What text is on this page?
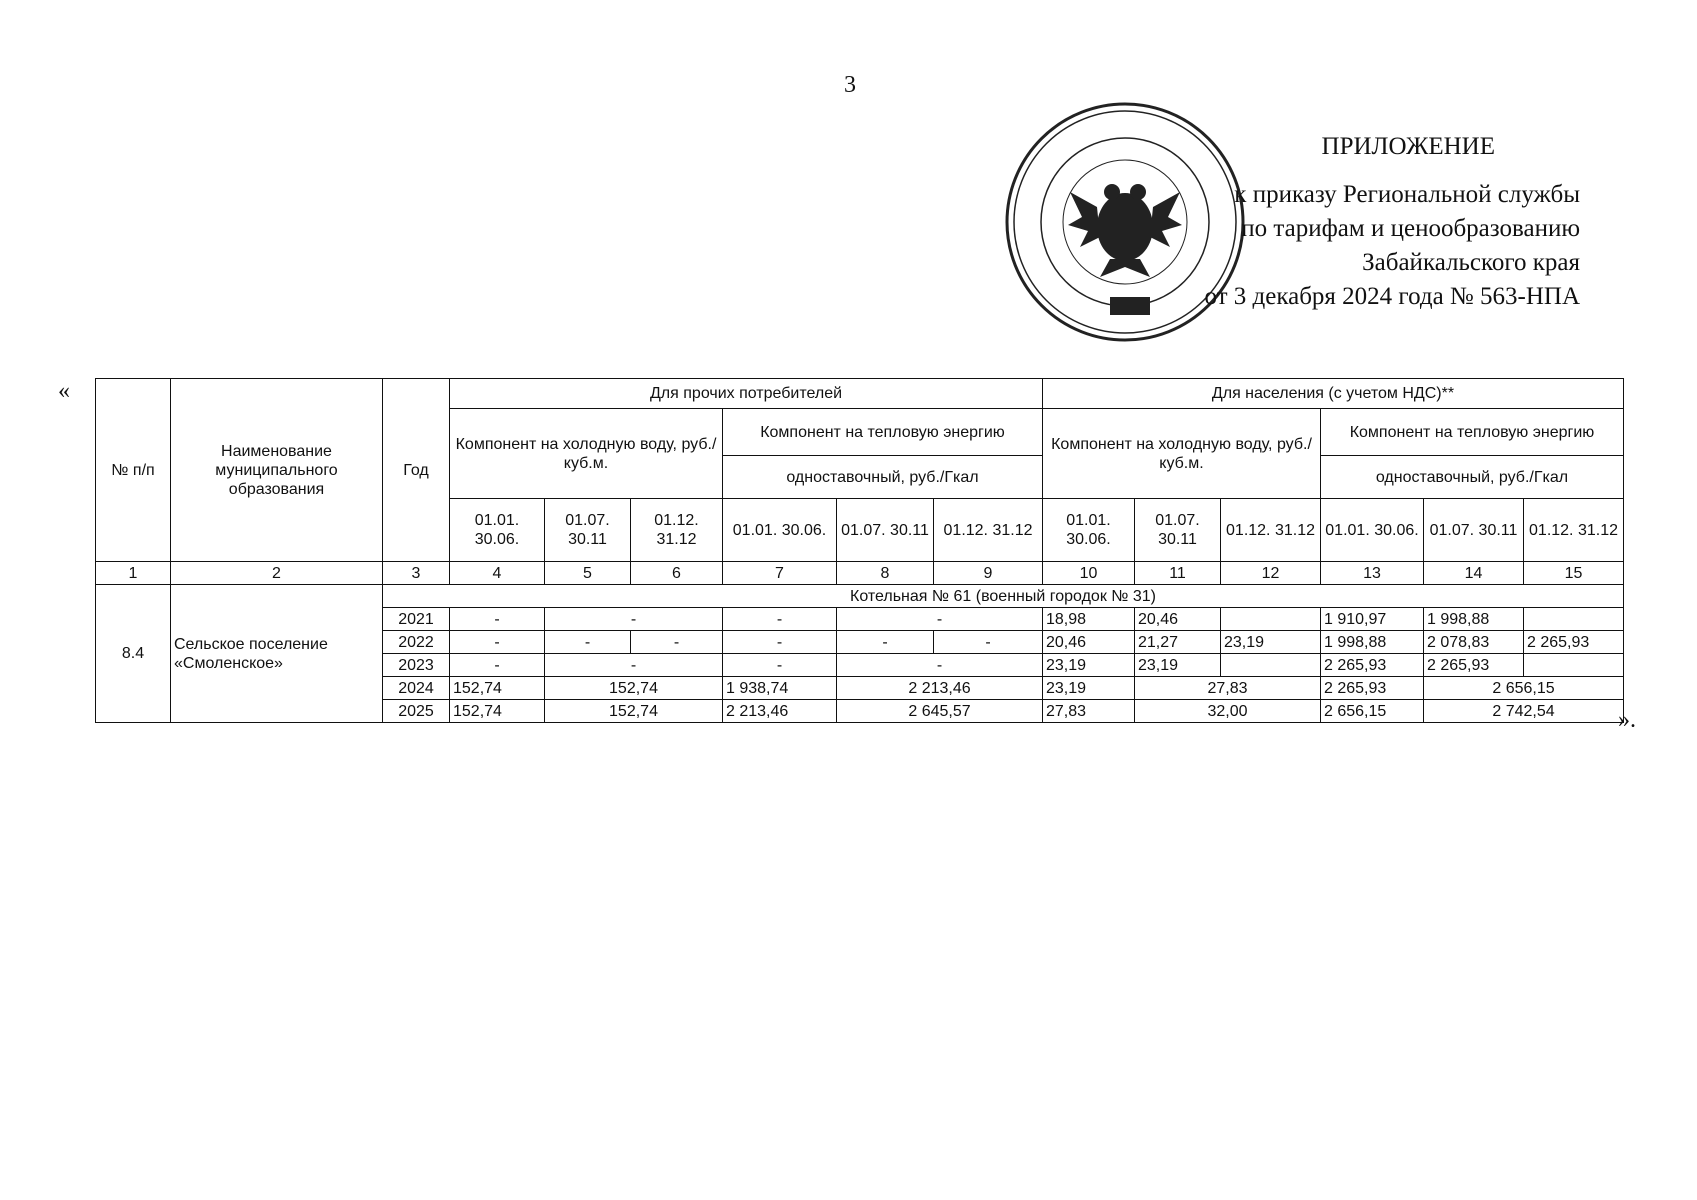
3
ПРИЛОЖЕНИЕ
к приказу Региональной службы
по тарифам и ценообразованию
Забайкальского края
от 3 декабря 2024 года № 563-НПА
«
».
№ п/п	Наименование муниципального образования	Год	Для прочих потребителей						Для населения (с учетом НДС)**					
			Компонент на холодную воду, руб./куб.м.			Компонент на тепловую энергию			Компонент на холодную воду, руб./куб.м.			Компонент на тепловую энергию		
						одноставочный, руб./Гкал						одноставочный, руб./Гкал		
			01.01. 30.06.	01.07. 30.11	01.12. 31.12	01.01. 30.06.	01.07. 30.11	01.12. 31.12	01.01. 30.06.	01.07. 30.11	01.12. 31.12	01.01. 30.06.	01.07. 30.11	01.12. 31.12
1	2	3	4	5	6	7	8	9	10	11	12	13	14	15
8.4	Сельское поселение «Смоленское»	Котельная № 61 (военный городок № 31)												
		2021	-	-		-	-		18,98	20,46		1 910,97	1 998,88	
		2022	-	-	-	-	-	-	20,46	21,27	23,19	1 998,88	2 078,83	2 265,93
		2023	-	-		-	-		23,19	23,19		2 265,93	2 265,93	
		2024	152,74	152,74		1 938,74	2 213,46		23,19	27,83		2 265,93	2 656,15	
		2025	152,74	152,74		2 213,46	2 645,57		27,83	32,00		2 656,15	2 742,54	
